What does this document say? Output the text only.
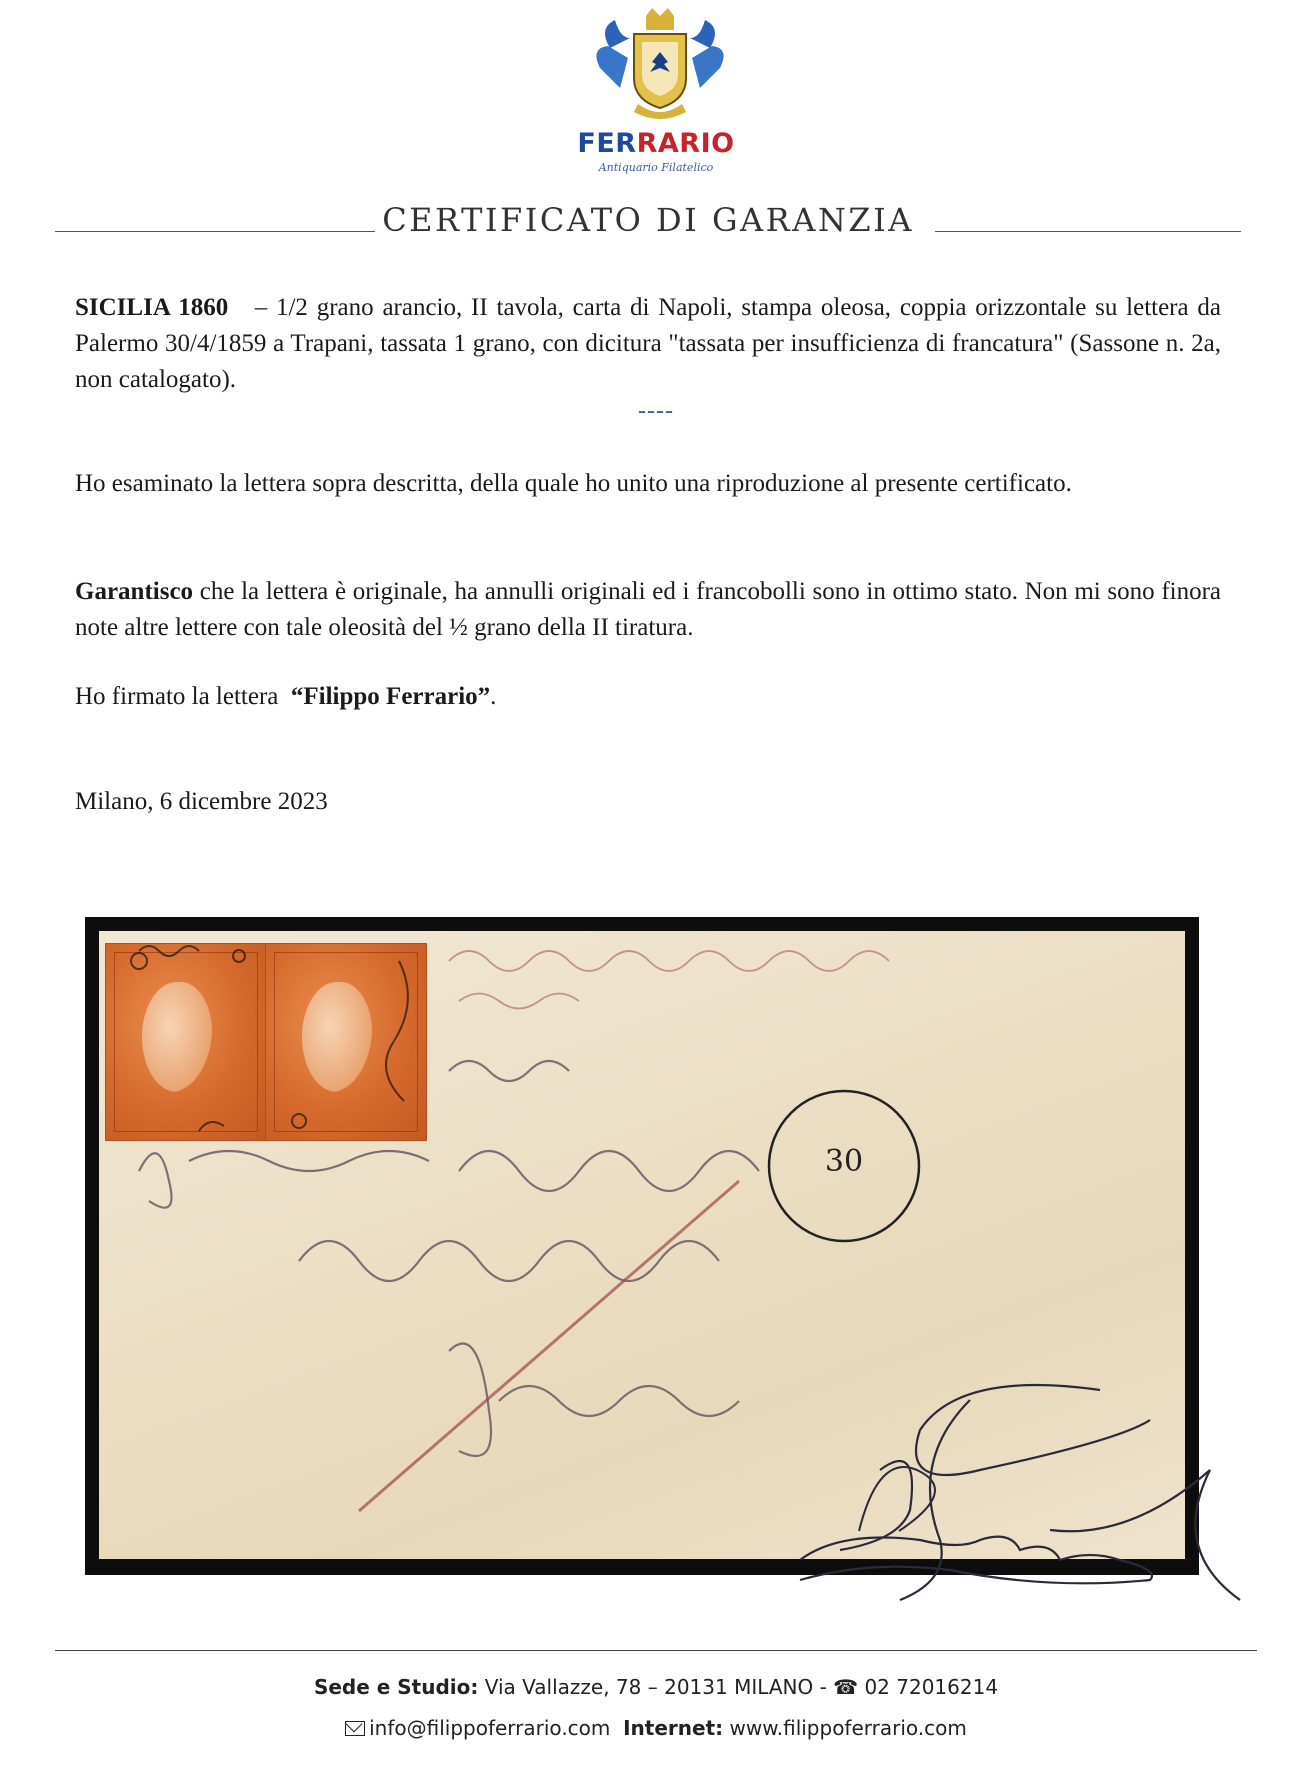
FERRARIO
Antiquario Filatelico
CERTIFICATO DI GARANZIA
SICILIA 1860 – 1/2 grano arancio, II tavola, carta di Napoli, stampa oleosa, coppia orizzontale su lettera da Palermo 30/4/1859 a Trapani, tassata 1 grano, con dicitura "tassata per insufficienza di francatura" (Sassone n. 2a, non catalogato).
----
Ho esaminato la lettera sopra descritta, della quale ho unito una riproduzione al presente certificato.
Garantisco che la lettera è originale, ha annulli originali ed i francobolli sono in ottimo stato. Non mi sono finora note altre lettere con tale oleosità del ½ grano della II tiratura.
Ho firmato la lettera “Filippo Ferrario”.
Milano, 6 dicembre 2023
30
Sede e Studio: Via Vallazze, 78 – 20131 MILANO - ☎ 02 72016214
info@filippoferrario.com Internet: www.filippoferrario.com
